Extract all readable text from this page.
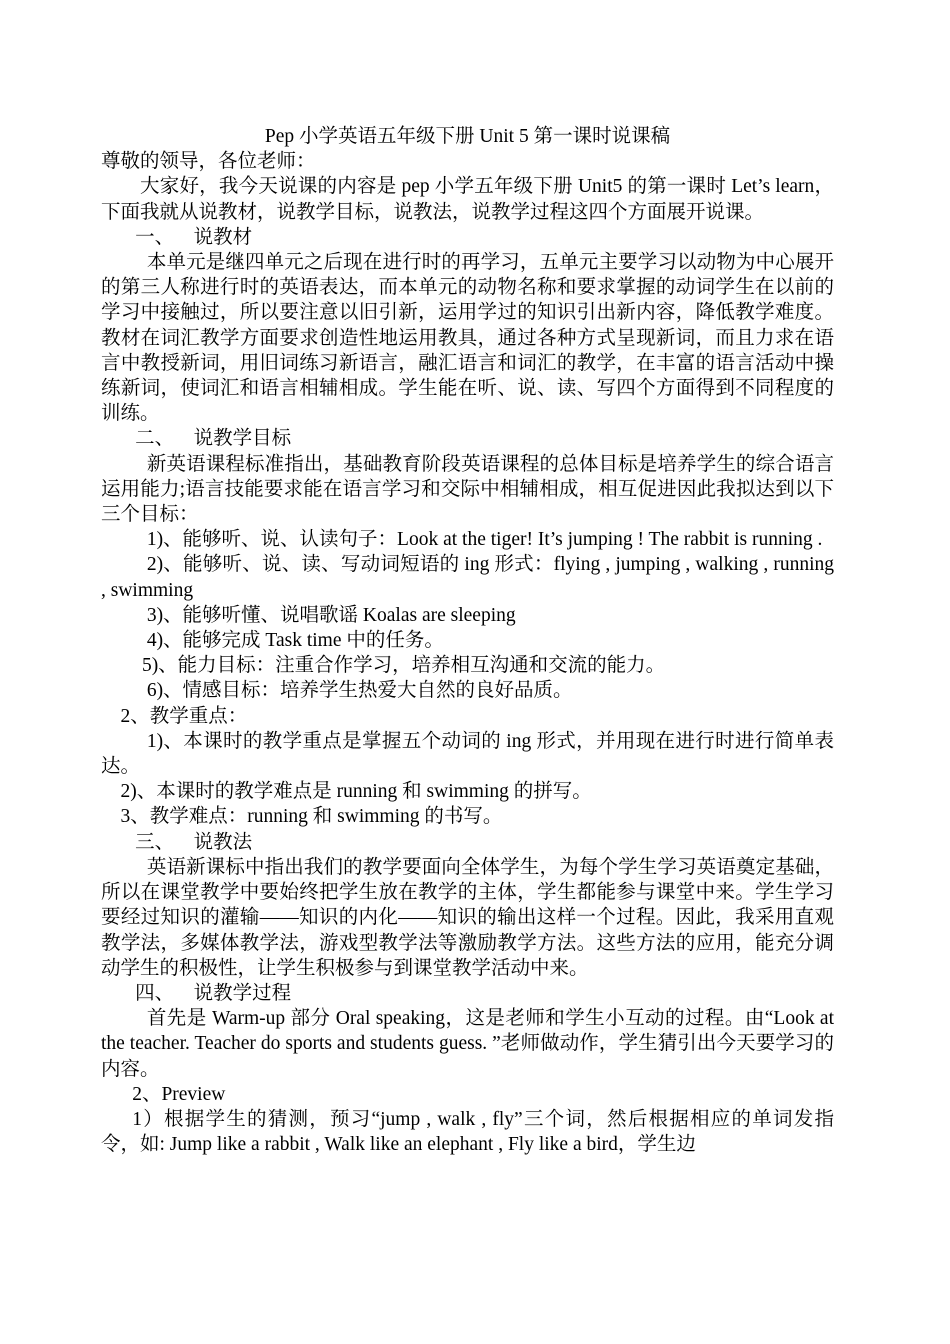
Pep 小学英语五年级下册 Unit 5 第一课时说课稿

尊敬的领导，各位老师：

大家好，我今天说课的内容是 pep 小学五年级下册 Unit5 的第一课时 Let’s learn，下面我就从说教材，说教学目标，说教法，说教学过程这四个方面展开说课。

一、 说教材

本单元是继四单元之后现在进行时的再学习，五单元主要学习以动物为中心展开的第三人称进行时的英语表达，而本单元的动物名称和要求掌握的动词学生在以前的学习中接触过，所以要注意以旧引新，运用学过的知识引出新内容，降低教学难度。教材在词汇教学方面要求创造性地运用教具，通过各种方式呈现新词，而且力求在语言中教授新词，用旧词练习新语言，融汇语言和词汇的教学，在丰富的语言活动中操练新词，使词汇和语言相辅相成。学生能在听、说、读、写四个方面得到不同程度的训练。

二、 说教学目标

新英语课程标准指出，基础教育阶段英语课程的总体目标是培养学生的综合语言运用能力;语言技能要求能在语言学习和交际中相辅相成，相互促进因此我拟达到以下三个目标：

1)、能够听、说、认读句子：Look at the tiger! It’s jumping ! The rabbit is running .

2)、能够听、说、读、写动词短语的 ing 形式：flying , jumping , walking , running , swimming

3)、能够听懂、说唱歌谣 Koalas are sleeping

4)、能够完成 Task time 中的任务。

5)、能力目标：注重合作学习，培养相互沟通和交流的能力。

6)、情感目标：培养学生热爱大自然的良好品质。

2、教学重点：

1)、本课时的教学重点是掌握五个动词的 ing 形式，并用现在进行时进行简单表达。

2)、本课时的教学难点是 running 和 swimming 的拼写。

3、教学难点：running 和 swimming 的书写。

三、 说教法

英语新课标中指出我们的教学要面向全体学生，为每个学生学习英语奠定基础，所以在课堂教学中要始终把学生放在教学的主体，学生都能参与课堂中来。学生学习要经过知识的灌输——知识的内化——知识的输出这样一个过程。因此，我采用直观教学法，多媒体教学法，游戏型教学法等激励教学方法。这些方法的应用，能充分调动学生的积极性，让学生积极参与到课堂教学活动中来。

四、 说教学过程

首先是 Warm-up 部分 Oral speaking，这是老师和学生小互动的过程。由“Look at the teacher. Teacher do sports and students guess. ”老师做动作，学生猜引出今天要学习的内容。

2、Preview

1）根据学生的猜测，预习“jump , walk , fly”三个词，然后根据相应的单词发指令，如: Jump like a rabbit , Walk like an elephant , Fly like a bird，学生边
